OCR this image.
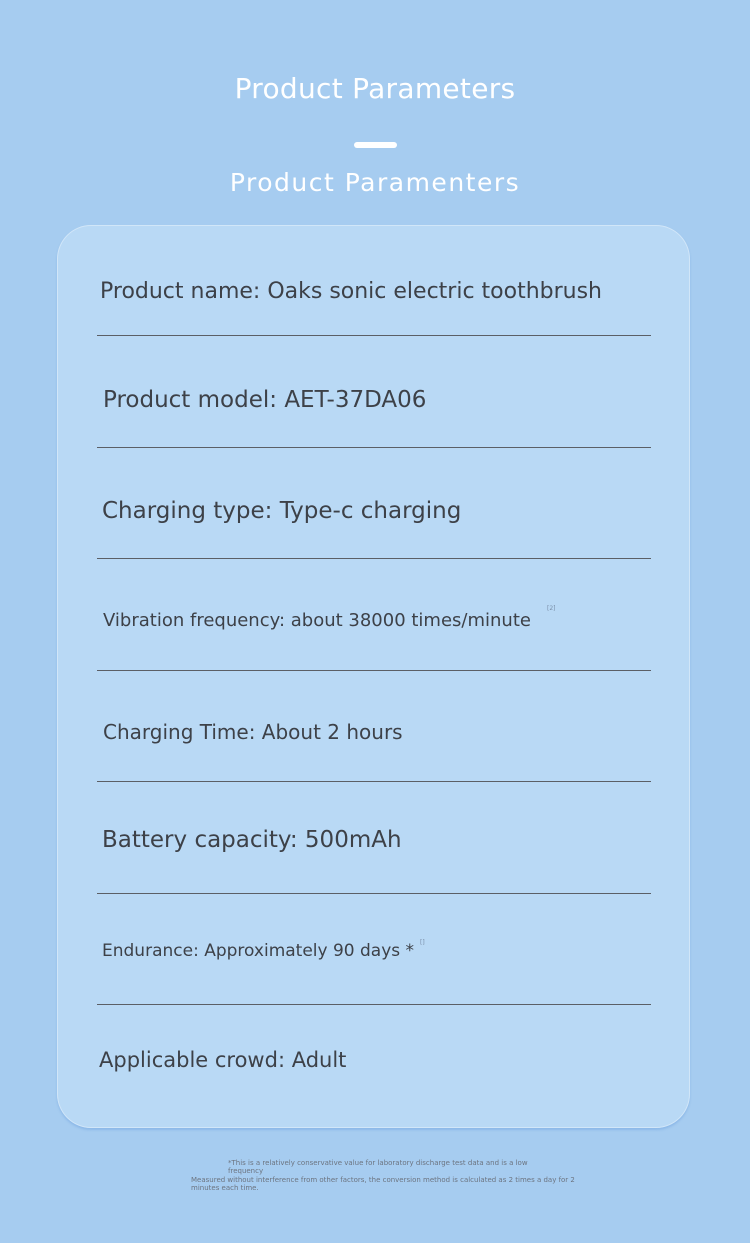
Product Parameters
Product Paramenters
Product name: Oaks sonic electric toothbrush
Product model: AET-37DA06
Charging type: Type-c charging
Vibration frequency: about 38000 times/minute
[2]
Charging Time: About 2 hours
Battery capacity: 500mAh
Endurance: Approximately 90 days * []
Applicable crowd: Adult
*This is a relatively conservative value for laboratory discharge test data and is a low
frequency
Measured without interference from other factors, the conversion method is calculated as 2 times a day for 2
minutes each time.
